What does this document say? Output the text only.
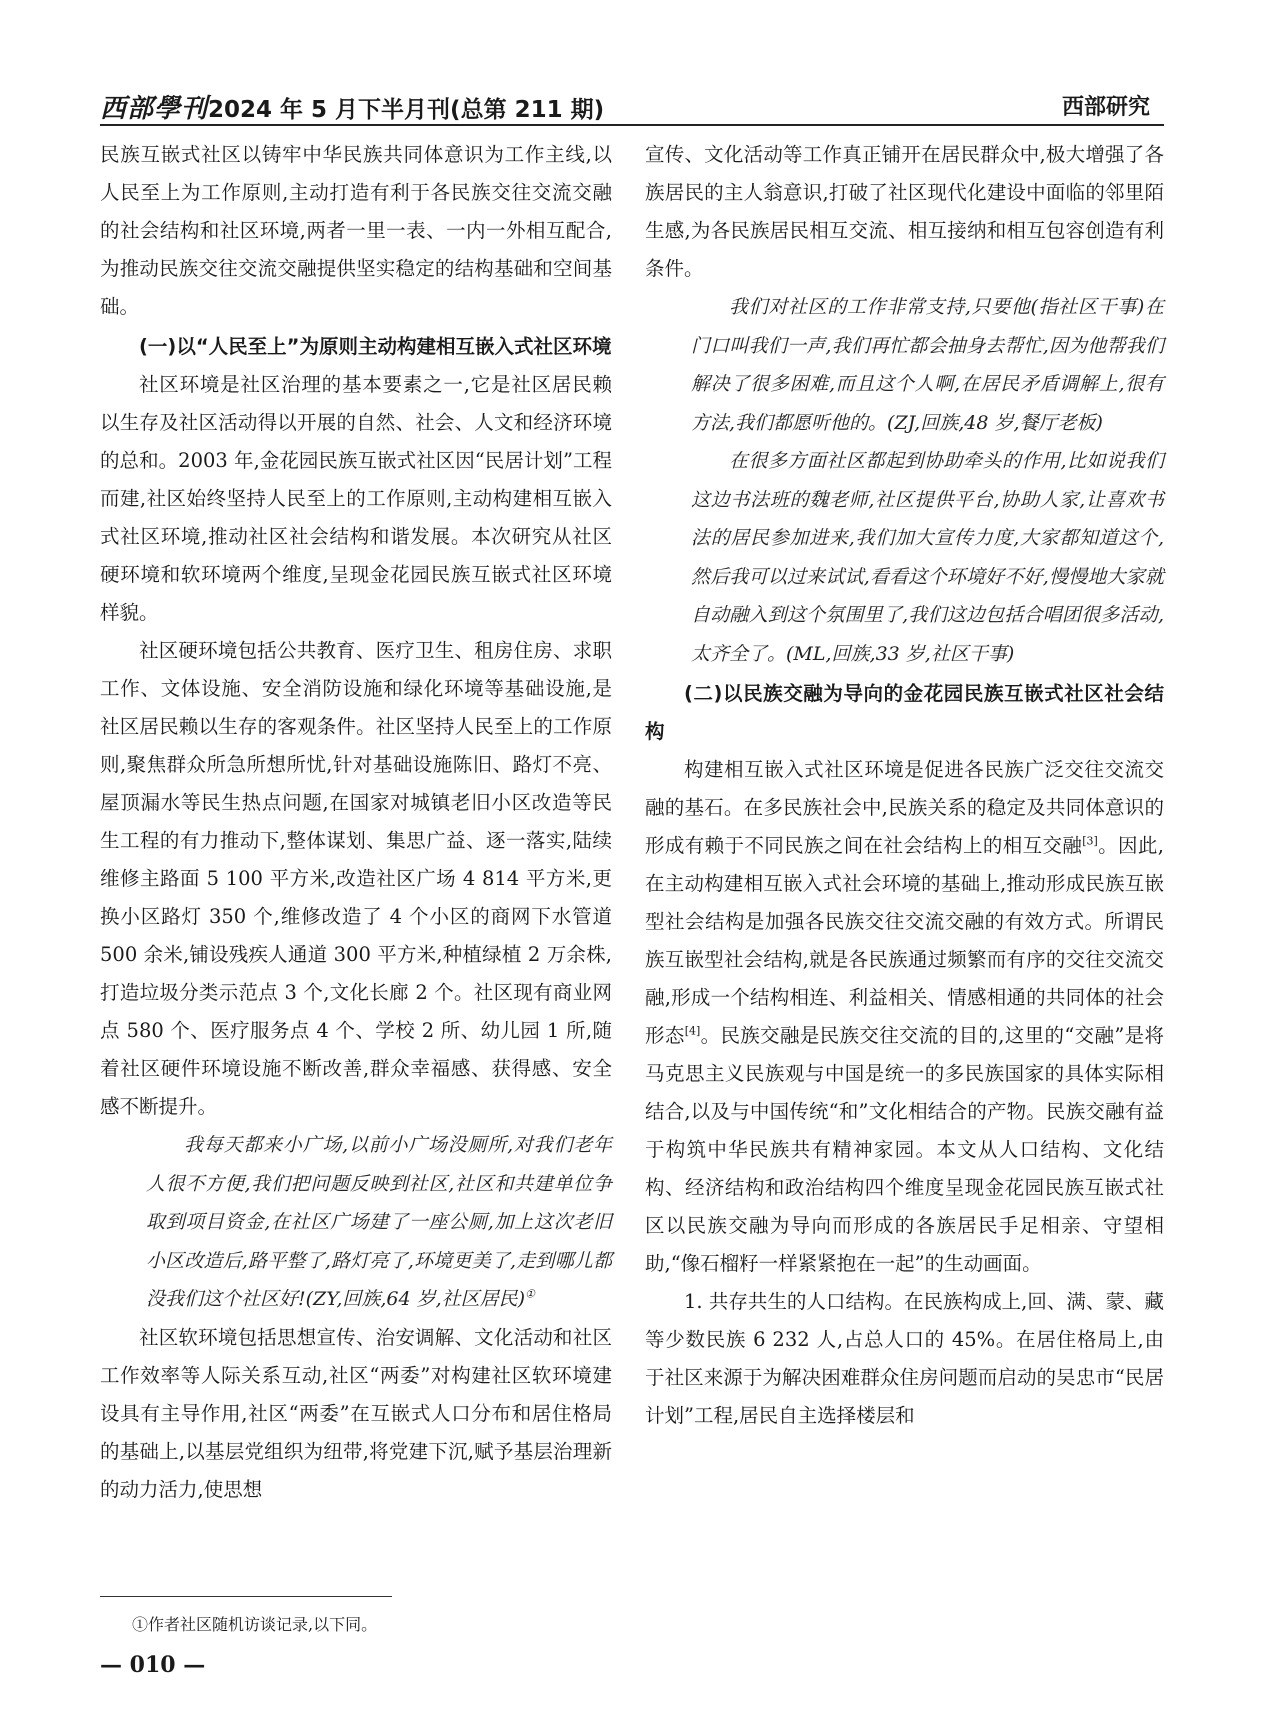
西部學刊 2024 年 5 月下半月刊(总第 211 期)	西部研究

民族互嵌式社区以铸牢中华民族共同体意识为工作主线,以人民至上为工作原则,主动打造有利于各民族交往交流交融的社会结构和社区环境,两者一里一表、一内一外相互配合,为推动民族交往交流交融提供坚实稳定的结构基础和空间基础。

(一)以“人民至上”为原则主动构建相互嵌入式社区环境

社区环境是社区治理的基本要素之一,它是社区居民赖以生存及社区活动得以开展的自然、社会、人文和经济环境的总和。2003 年,金花园民族互嵌式社区因“民居计划”工程而建,社区始终坚持人民至上的工作原则,主动构建相互嵌入式社区环境,推动社区社会结构和谐发展。本次研究从社区硬环境和软环境两个维度,呈现金花园民族互嵌式社区环境样貌。

社区硬环境包括公共教育、医疗卫生、租房住房、求职工作、文体设施、安全消防设施和绿化环境等基础设施,是社区居民赖以生存的客观条件。社区坚持人民至上的工作原则,聚焦群众所急所想所忧,针对基础设施陈旧、路灯不亮、屋顶漏水等民生热点问题,在国家对城镇老旧小区改造等民生工程的有力推动下,整体谋划、集思广益、逐一落实,陆续维修主路面 5 100 平方米,改造社区广场 4 814 平方米,更换小区路灯 350 个,维修改造了 4 个小区的商网下水管道 500 余米,铺设残疾人通道 300 平方米,种植绿植 2 万余株,打造垃圾分类示范点 3 个,文化长廊 2 个。社区现有商业网点 580 个、医疗服务点 4 个、学校 2 所、幼儿园 1 所,随着社区硬件环境设施不断改善,群众幸福感、获得感、安全感不断提升。

我每天都来小广场,以前小广场没厕所,对我们老年人很不方便,我们把问题反映到社区,社区和共建单位争取到项目资金,在社区广场建了一座公厕,加上这次老旧小区改造后,路平整了,路灯亮了,环境更美了,走到哪儿都没我们这个社区好!(ZY,回族,64 岁,社区居民)①

社区软环境包括思想宣传、治安调解、文化活动和社区工作效率等人际关系互动,社区“两委”对构建社区软环境建设具有主导作用,社区“两委”在互嵌式人口分布和居住格局的基础上,以基层党组织为纽带,将党建下沉,赋予基层治理新的动力活力,使思想

宣传、文化活动等工作真正铺开在居民群众中,极大增强了各族居民的主人翁意识,打破了社区现代化建设中面临的邻里陌生感,为各民族居民相互交流、相互接纳和相互包容创造有利条件。

我们对社区的工作非常支持,只要他(指社区干事)在门口叫我们一声,我们再忙都会抽身去帮忙,因为他帮我们解决了很多困难,而且这个人啊,在居民矛盾调解上,很有方法,我们都愿听他的。(ZJ,回族,48 岁,餐厅老板)
在很多方面社区都起到协助牵头的作用,比如说我们这边书法班的魏老师,社区提供平台,协助人家,让喜欢书法的居民参加进来,我们加大宣传力度,大家都知道这个,然后我可以过来试试,看看这个环境好不好,慢慢地大家就自动融入到这个氛围里了,我们这边包括合唱团很多活动,太齐全了。(ML,回族,33 岁,社区干事)
(二)以民族交融为导向的金花园民族互嵌式社区社会结构

构建相互嵌入式社区环境是促进各民族广泛交往交流交融的基石。在多民族社会中,民族关系的稳定及共同体意识的形成有赖于不同民族之间在社会结构上的相互交融[3]。因此,在主动构建相互嵌入式社会环境的基础上,推动形成民族互嵌型社会结构是加强各民族交往交流交融的有效方式。所谓民族互嵌型社会结构,就是各民族通过频繁而有序的交往交流交融,形成一个结构相连、利益相关、情感相通的共同体的社会形态[4]。民族交融是民族交往交流的目的,这里的“交融”是将马克思主义民族观与中国是统一的多民族国家的具体实际相结合,以及与中国传统“和”文化相结合的产物。民族交融有益于构筑中华民族共有精神家园。本文从人口结构、文化结构、经济结构和政治结构四个维度呈现金花园民族互嵌式社区以民族交融为导向而形成的各族居民手足相亲、守望相助,“像石榴籽一样紧紧抱在一起”的生动画面。

1. 共存共生的人口结构。在民族构成上,回、满、蒙、藏等少数民族 6 232 人,占总人口的 45%。在居住格局上,由于社区来源于为解决困难群众住房问题而启动的吴忠市“民居计划”工程,居民自主选择楼层和

①作者社区随机访谈记录,以下同。
— 010 —
